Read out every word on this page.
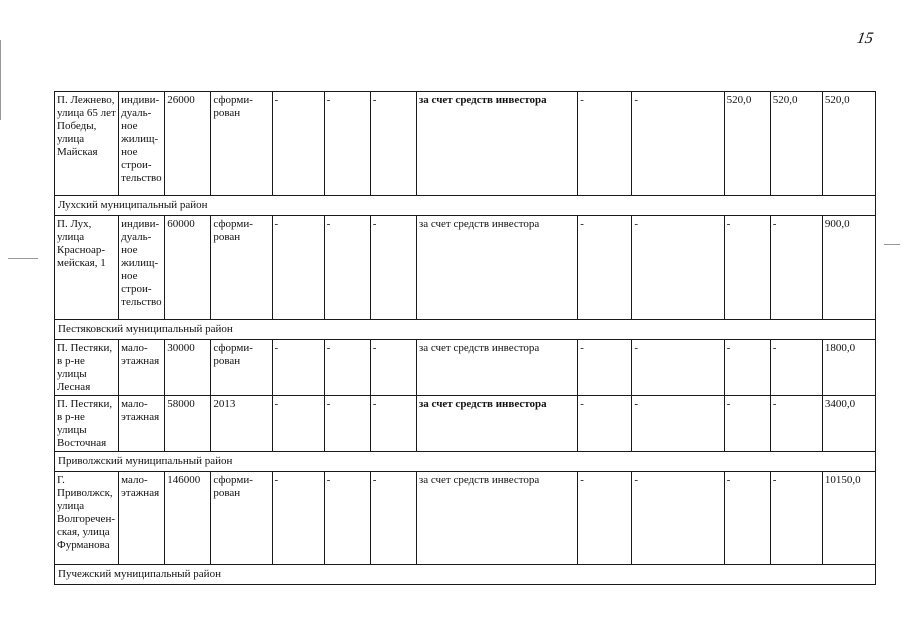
15
П. Лежнево, улица 65 лет Победы, улица Майская	индиви-дуаль-ное жилищ-ное строи-тельство	26000	сформи-рован	-	-	-	за счет средств инвестора	-	-	520,0	520,0	520,0
Лухский муниципальный район												
П. Лух, улица Красноар-мейская, 1	индиви-дуаль-ное жилищ-ное строи-тельство	60000	сформи-рован	-	-	-	за счет средств инвестора	-	-	-	-	900,0
Пестяковский муниципальный район												
П. Пестяки, в р-не улицы Лесная	мало-этажная	30000	сформи-рован	-	-	-	за счет средств инвестора	-	-	-	-	1800,0
П. Пестяки, в р-не улицы Восточная	мало-этажная	58000	2013	-	-	-	за счет средств инвестора	-	-	-	-	3400,0
Приволжский муниципальный район												
Г. Приволжск, улица Волгоречен-ская, улица Фурманова	мало-этажная	146000	сформи-рован	-	-	-	за счет средств инвестора	-	-	-	-	10150,0
Пучежский муниципальный район												
